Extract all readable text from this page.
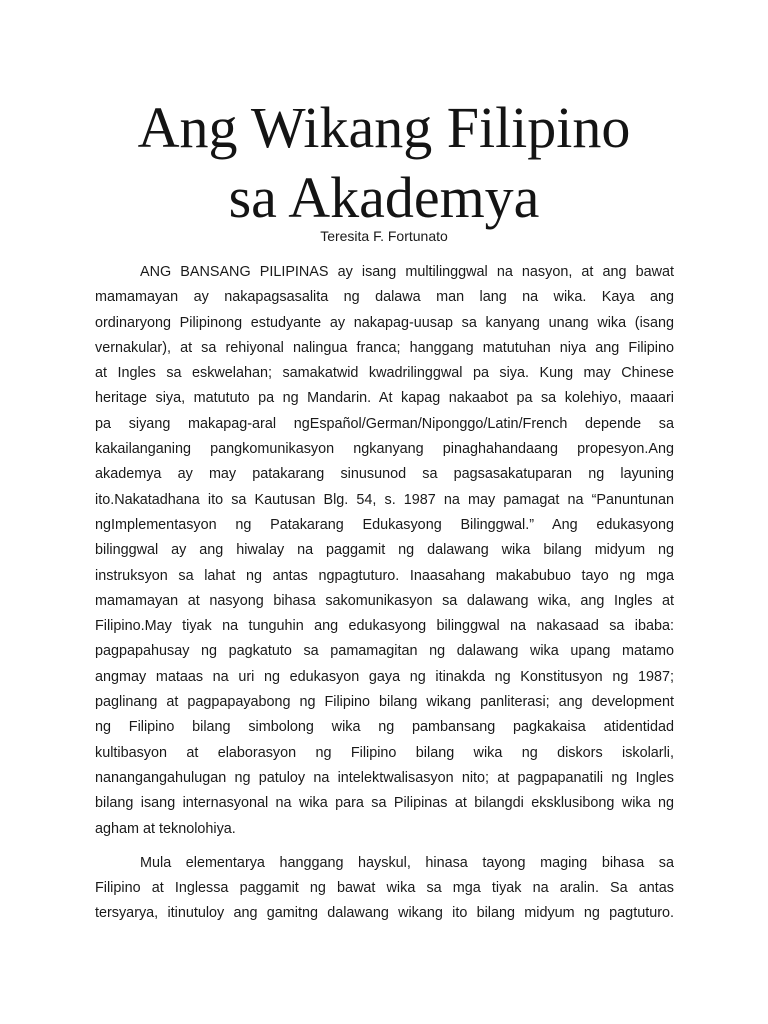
Ang Wikang Filipino
sa Akademya
Teresita F. Fortunato
ANG BANSANG PILIPINAS ay isang multilinggwal na nasyon, at ang bawat
mamamayan ay nakapagsasalita ng dalawa man lang na wika. Kaya ang
ordinaryong Pilipinong estudyante ay nakapag-uusap sa kanyang unang wika (isang
vernakular), at sa rehiyonal nalingua franca; hanggang matutuhan niya ang Filipino
at Ingles sa eskwelahan; samakatwid kwadrilinggwal pa siya. Kung may Chinese
heritage siya, matututo pa ng Mandarin. At kapag nakaabot pa sa kolehiyo, maaari
pa siyang makapag-aral ngEspañol/German/Niponggo/Latin/French depende sa
kakailanganing pangkomunikasyon ngkanyang pinaghahandaang propesyon.Ang
akademya ay may patakarang sinusunod sa pagsasakatuparan ng layuning
ito.Nakatadhana ito sa Kautusan Blg. 54, s. 1987 na may pamagat na “Panuntunan
ngImplementasyon ng Patakarang Edukasyong Bilinggwal.” Ang edukasyong
bilinggwal ay ang hiwalay na paggamit ng dalawang wika bilang midyum ng
instruksyon sa lahat ng antas ngpagtuturo. Inaasahang makabubuo tayo ng mga
mamamayan at nasyong bihasa sakomunikasyon sa dalawang wika, ang Ingles at
Filipino.May tiyak na tunguhin ang edukasyong bilinggwal na nakasaad sa ibaba:
pagpapahusay ng pagkatuto sa pamamagitan ng dalawang wika upang matamo
angmay mataas na uri ng edukasyon gaya ng itinakda ng Konstitusyon ng 1987;
paglinang at pagpapayabong ng Filipino bilang wikang panliterasi; ang development
ng Filipino bilang simbolong wika ng pambansang pagkakaisa atidentidad
kultibasyon at elaborasyon ng Filipino bilang wika ng diskors iskolarli,
nanangangahulugan ng patuloy na intelektwalisasyon nito; at pagpapanatili ng Ingles
bilang isang internasyonal na wika para sa Pilipinas at bilangdi eksklusibong wika ng
agham at teknolohiya.
Mula elementarya hanggang hayskul, hinasa tayong maging bihasa sa
Filipino at Inglessa paggamit ng bawat wika sa mga tiyak na aralin. Sa antas
tersyarya, itinutuloy ang gamitng dalawang wikang ito bilang midyum ng pagtuturo.
